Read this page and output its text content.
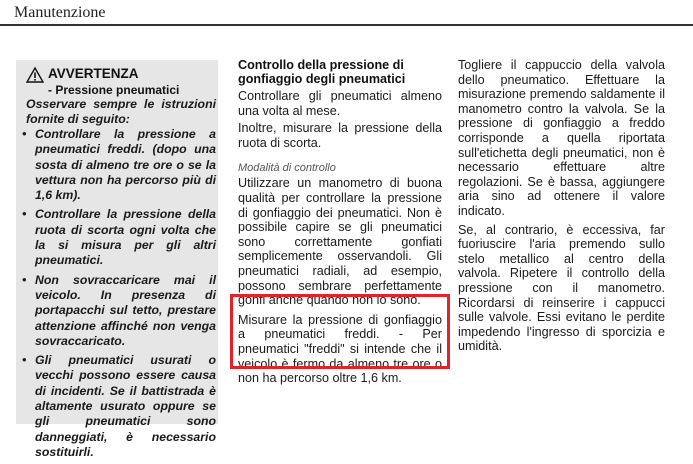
Manutenzione
AVVERTENZA
- Pressione pneumatici
Osservare sempre le istruzioni fornite di seguito:
• Controllare la pressione a pneumatici freddi. (dopo una sosta di almeno tre ore o se la vettura non ha percorso più di 1,6 km).
• Controllare la pressione della ruota di scorta ogni volta che la si misura per gli altri pneumatici.
• Non sovraccaricare mai il veicolo. In presenza di portapacchi sul tetto, prestare attenzione affinché non venga sovraccaricato.
• Gli pneumatici usurati o vecchi possono essere causa di incidenti. Se il battistrada è altamente usurato oppure se gli pneumatici sono danneggiati, è necessario sostituirli.
Controllo della pressione di gonfiaggio degli pneumatici

Controllare gli pneumatici almeno una volta al mese.

Inoltre, misurare la pressione della ruota di scorta.

Modalità di controllo

Utilizzare un manometro di buona qualità per controllare la pressione di gonfiaggio dei pneumatici. Non è possibile capire se gli pneumatici sono correttamente gonfiati semplicemente osservandoli. Gli pneumatici radiali, ad esempio, possono sembrare perfettamente gonfi anche quando non lo sono.

Misurare la pressione di gonfiaggio a pneumatici freddi. - Per pneumatici "freddi" si intende che il veicolo è fermo da almeno tre ore o non ha percorso oltre 1,6 km.

Togliere il cappuccio della valvola dello pneumatico. Effettuare la misurazione premendo saldamente il manometro contro la valvola. Se la pressione di gonfiaggio a freddo corrisponde a quella riportata sull'etichetta degli pneumatici, non è necessario effettuare altre regolazioni. Se è bassa, aggiungere aria sino ad ottenere il valore indicato.

Se, al contrario, è eccessiva, far fuoriuscire l'aria premendo sullo stelo metallico al centro della valvola. Ripetere il controllo della pressione con il manometro. Ricordarsi di reinserire i cappucci sulle valvole. Essi evitano le perdite impedendo l'ingresso di sporcizia e umidità.
